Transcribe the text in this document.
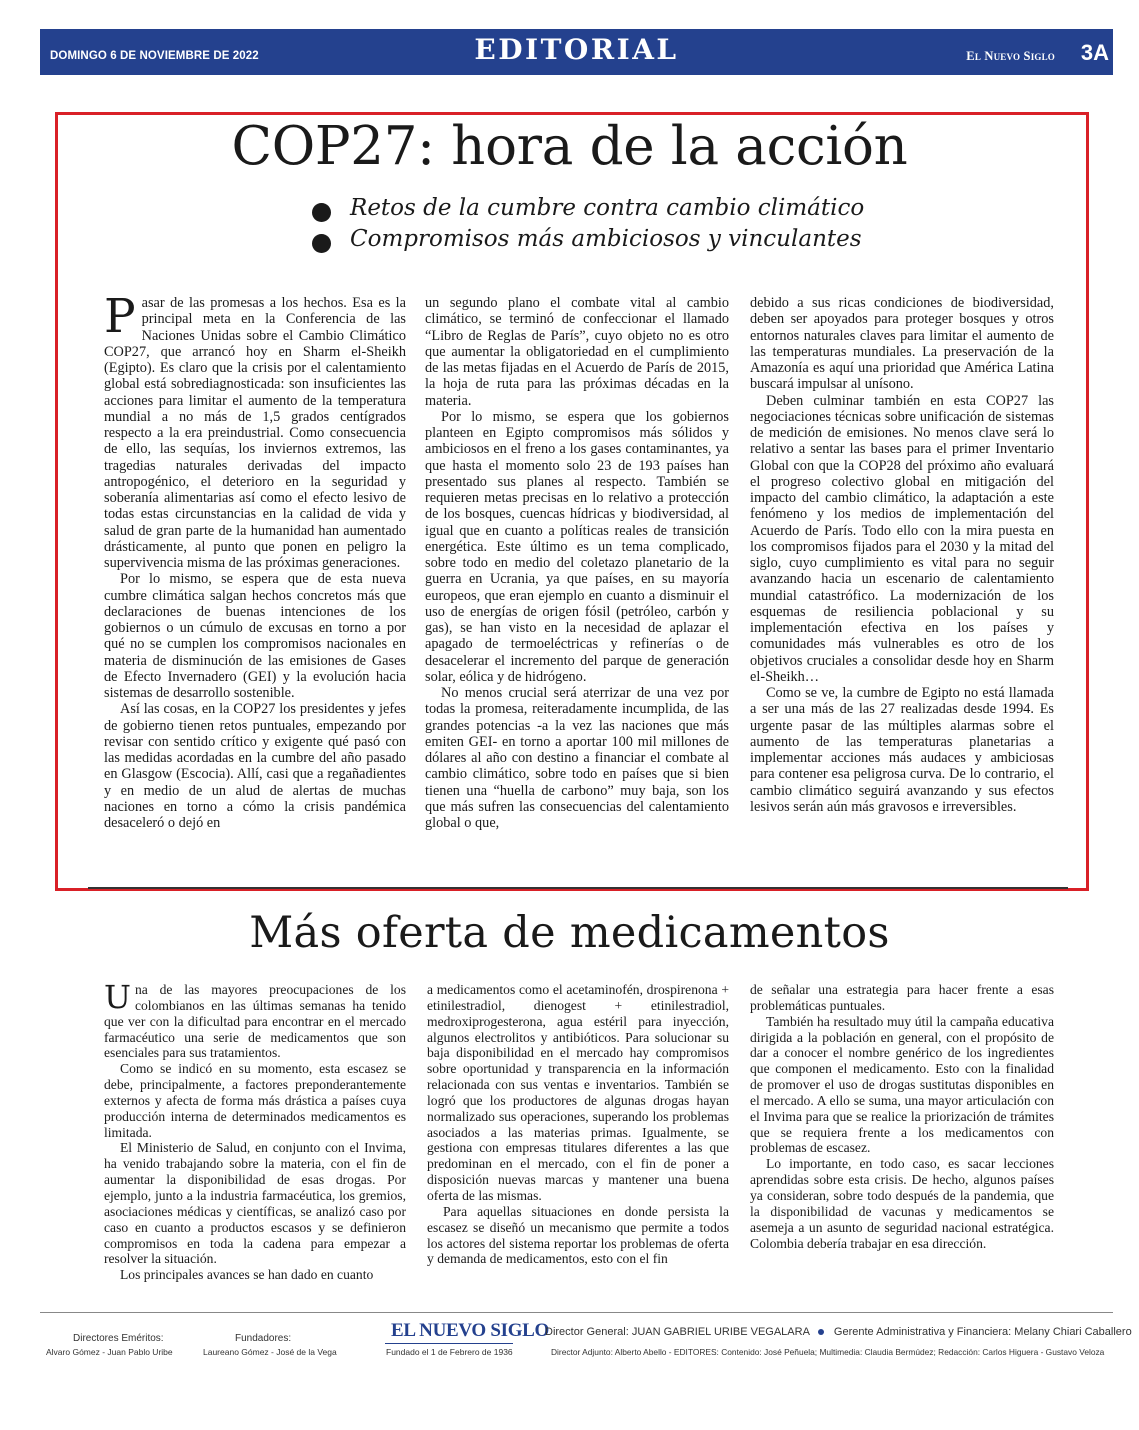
DOMINGO 6 DE NOVIEMBRE DE 2022	EDITORIAL	El Nuevo Siglo 3A
COP27: hora de la acción
Retos de la cumbre contra cambio climático
Compromisos más ambiciosos y vinculantes

Pasar de las promesas a los hechos. Esa es la principal meta en la Conferencia de las Naciones Unidas sobre el Cambio Climático COP27, que arrancó hoy en Sharm el-Sheikh (Egipto). Es claro que la crisis por el calentamiento global está sobrediagnosticada: son insuficientes las acciones para limitar el aumento de la temperatura mundial a no más de 1,5 grados centígrados respecto a la era preindustrial. Como consecuencia de ello, las sequías, los inviernos extremos, las tragedias naturales derivadas del impacto antropogénico, el deterioro en la seguridad y soberanía alimentarias así como el efecto lesivo de todas estas circunstancias en la calidad de vida y salud de gran parte de la humanidad han aumentado drásticamente, al punto que ponen en peligro la supervivencia misma de las próximas generaciones.

Por lo mismo, se espera que de esta nueva cumbre climática salgan hechos concretos más que declaraciones de buenas intenciones de los gobiernos o un cúmulo de excusas en torno a por qué no se cumplen los compromisos nacionales en materia de disminución de las emisiones de Gases de Efecto Invernadero (GEI) y la evolución hacia sistemas de desarrollo sostenible.

Así las cosas, en la COP27 los presidentes y jefes de gobierno tienen retos puntuales, empezando por revisar con sentido crítico y exigente qué pasó con las medidas acordadas en la cumbre del año pasado en Glasgow (Escocia). Allí, casi que a regañadientes y en medio de un alud de alertas de muchas naciones en torno a cómo la crisis pandémica desaceleró o dejó en

un segundo plano el combate vital al cambio climático, se terminó de confeccionar el llamado “Libro de Reglas de París”, cuyo objeto no es otro que aumentar la obligatoriedad en el cumplimiento de las metas fijadas en el Acuerdo de París de 2015, la hoja de ruta para las próximas décadas en la materia.

Por lo mismo, se espera que los gobiernos planteen en Egipto compromisos más sólidos y ambiciosos en el freno a los gases contaminantes, ya que hasta el momento solo 23 de 193 países han presentado sus planes al respecto. También se requieren metas precisas en lo relativo a protección de los bosques, cuencas hídricas y biodiversidad, al igual que en cuanto a políticas reales de transición energética. Este último es un tema complicado, sobre todo en medio del coletazo planetario de la guerra en Ucrania, ya que países, en su mayoría europeos, que eran ejemplo en cuanto a disminuir el uso de energías de origen fósil (petróleo, carbón y gas), se han visto en la necesidad de aplazar el apagado de termoeléctricas y refinerías o de desacelerar el incremento del parque de generación solar, eólica y de hidrógeno.

No menos crucial será aterrizar de una vez por todas la promesa, reiteradamente incumplida, de las grandes potencias -a la vez las naciones que más emiten GEI- en torno a aportar 100 mil millones de dólares al año con destino a financiar el combate al cambio climático, sobre todo en países que si bien tienen una “huella de carbono” muy baja, son los que más sufren las consecuencias del calentamiento global o que,

debido a sus ricas condiciones de biodiversidad, deben ser apoyados para proteger bosques y otros entornos naturales claves para limitar el aumento de las temperaturas mundiales. La preservación de la Amazonía es aquí una prioridad que América Latina buscará impulsar al unísono.

Deben culminar también en esta COP27 las negociaciones técnicas sobre unificación de sistemas de medición de emisiones. No menos clave será lo relativo a sentar las bases para el primer Inventario Global con que la COP28 del próximo año evaluará el progreso colectivo global en mitigación del impacto del cambio climático, la adaptación a este fenómeno y los medios de implementación del Acuerdo de París. Todo ello con la mira puesta en los compromisos fijados para el 2030 y la mitad del siglo, cuyo cumplimiento es vital para no seguir avanzando hacia un escenario de calentamiento mundial catastrófico. La modernización de los esquemas de resiliencia poblacional y su implementación efectiva en los países y comunidades más vulnerables es otro de los objetivos cruciales a consolidar desde hoy en Sharm el-Sheikh…

Como se ve, la cumbre de Egipto no está llamada a ser una más de las 27 realizadas desde 1994. Es urgente pasar de las múltiples alarmas sobre el aumento de las temperaturas planetarias a implementar acciones más audaces y ambiciosas para contener esa peligrosa curva. De lo contrario, el cambio climático seguirá avanzando y sus efectos lesivos serán aún más gravosos e irreversibles.

Más oferta de medicamentos

Una de las mayores preocupaciones de los colombianos en las últimas semanas ha tenido que ver con la dificultad para encontrar en el mercado farmacéutico una serie de medicamentos que son esenciales para sus tratamientos.

Como se indicó en su momento, esta escasez se debe, principalmente, a factores preponderantemente externos y afecta de forma más drástica a países cuya producción interna de determinados medicamentos es limitada.

El Ministerio de Salud, en conjunto con el Invima, ha venido trabajando sobre la materia, con el fin de aumentar la disponibilidad de esas drogas. Por ejemplo, junto a la industria farmacéutica, los gremios, asociaciones médicas y científicas, se analizó caso por caso en cuanto a productos escasos y se definieron compromisos en toda la cadena para empezar a resolver la situación.

Los principales avances se han dado en cuanto

a medicamentos como el acetaminofén, drospirenona + etinilestradiol, dienogest + etinilestradiol, medroxiprogesterona, agua estéril para inyección, algunos electrolitos y antibióticos. Para solucionar su baja disponibilidad en el mercado hay compromisos sobre oportunidad y transparencia en la información relacionada con sus ventas e inventarios. También se logró que los productores de algunas drogas hayan normalizado sus operaciones, superando los problemas asociados a las materias primas. Igualmente, se gestiona con empresas titulares diferentes a las que predominan en el mercado, con el fin de poner a disposición nuevas marcas y mantener una buena oferta de las mismas.

Para aquellas situaciones en donde persista la escasez se diseñó un mecanismo que permite a todos los actores del sistema reportar los problemas de oferta y demanda de medicamentos, esto con el fin

de señalar una estrategia para hacer frente a esas problemáticas puntuales.

También ha resultado muy útil la campaña educativa dirigida a la población en general, con el propósito de dar a conocer el nombre genérico de los ingredientes que componen el medicamento. Esto con la finalidad de promover el uso de drogas sustitutas disponibles en el mercado. A ello se suma, una mayor articulación con el Invima para que se realice la priorización de trámites que se requiera frente a los medicamentos con problemas de escasez.

Lo importante, en todo caso, es sacar lecciones aprendidas sobre esta crisis. De hecho, algunos países ya consideran, sobre todo después de la pandemia, que la disponibilidad de vacunas y medicamentos se asemeja a un asunto de seguridad nacional estratégica. Colombia debería trabajar en esa dirección.

Directores Eméritos:
Alvaro Gómez - Juan Pablo Uribe
Fundadores:
Laureano Gómez - José de la Vega
EL NUEVO SIGLO
Fundado el 1 de Febrero de 1936
Director General: JUAN GABRIEL URIBE VEGALARA Gerente Administrativa y Financiera: Melany Chiari Caballero
Director Adjunto: Alberto Abello - EDITORES: Contenido: José Peñuela; Multimedia: Claudia Bermúdez; Redacción: Carlos Higuera - Gustavo Veloza
